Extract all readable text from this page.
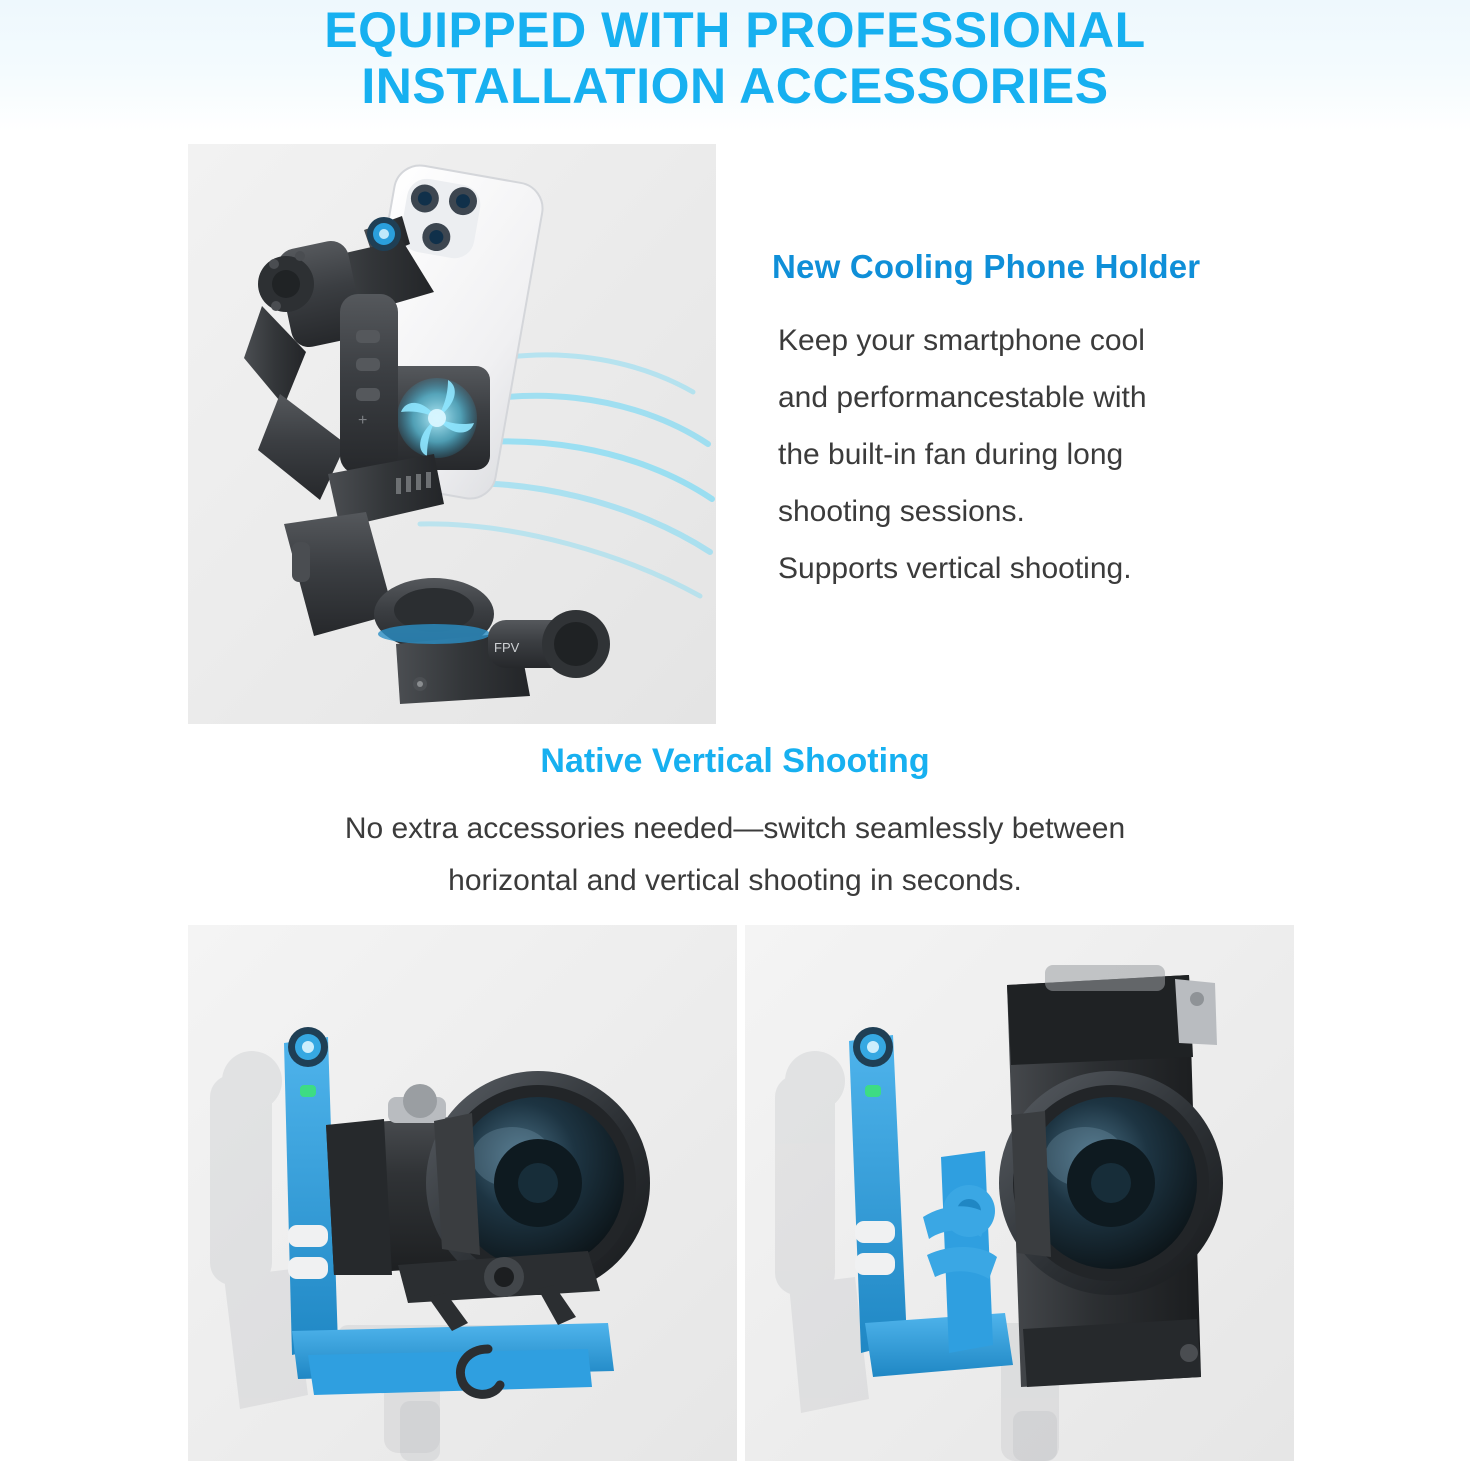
EQUIPPED WITH PROFESSIONAL
INSTALLATION ACCESSORIES
+
FPV
New Cooling Phone Holder
Keep your smartphone cool
and performancestable with
the built-in fan during long
shooting sessions.
Supports vertical shooting.
Native Vertical Shooting
No extra accessories needed—switch seamlessly between
horizontal and vertical shooting in seconds.
